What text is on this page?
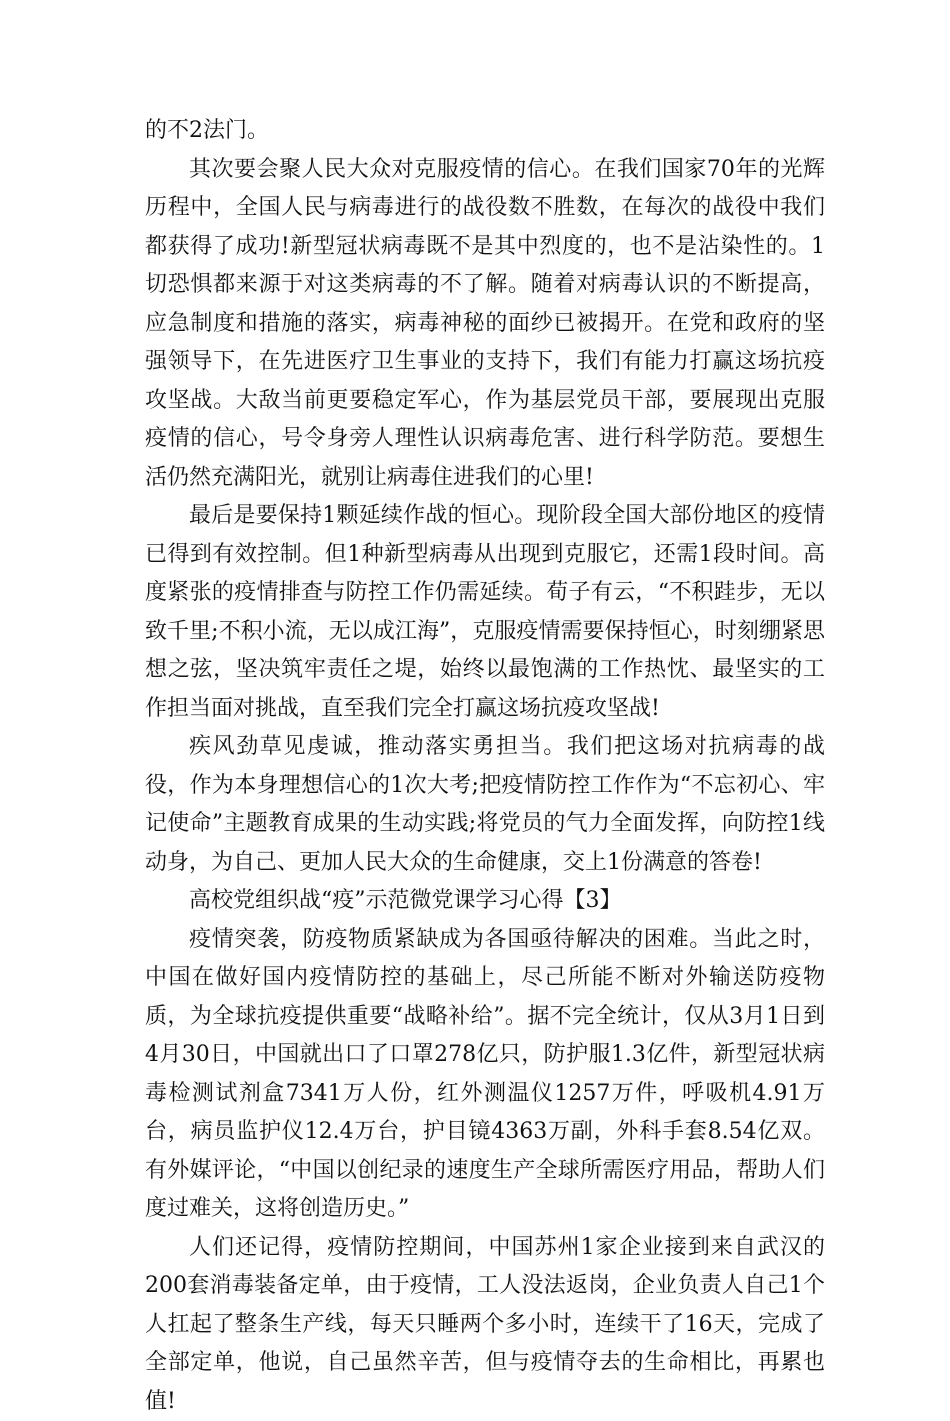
的不2法门。

其次要会聚人民大众对克服疫情的信心。在我们国家70年的光辉历程中，全国人民与病毒进行的战役数不胜数，在每次的战役中我们都获得了成功!新型冠状病毒既不是其中烈度的，也不是沾染性的。1切恐惧都来源于对这类病毒的不了解。随着对病毒认识的不断提高，应急制度和措施的落实，病毒神秘的面纱已被揭开。在党和政府的坚强领导下，在先进医疗卫生事业的支持下，我们有能力打赢这场抗疫攻坚战。大敌当前更要稳定军心，作为基层党员干部，要展现出克服疫情的信心，号令身旁人理性认识病毒危害、进行科学防范。要想生活仍然充满阳光，就别让病毒住进我们的心里!

最后是要保持1颗延续作战的恒心。现阶段全国大部份地区的疫情已得到有效控制。但1种新型病毒从出现到克服它，还需1段时间。高度紧张的疫情排查与防控工作仍需延续。荀子有云，“不积跬步，无以致千里;不积小流，无以成江海”，克服疫情需要保持恒心，时刻绷紧思想之弦，坚决筑牢责任之堤，始终以最饱满的工作热忱、最坚实的工作担当面对挑战，直至我们完全打赢这场抗疫攻坚战!

疾风劲草见虔诚，推动落实勇担当。我们把这场对抗病毒的战役，作为本身理想信心的1次大考;把疫情防控工作作为“不忘初心、牢记使命”主题教育成果的生动实践;将党员的气力全面发挥，向防控1线动身，为自己、更加人民大众的生命健康，交上1份满意的答卷!

高校党组织战“疫”示范微党课学习心得【3】

疫情突袭，防疫物质紧缺成为各国亟待解决的困难。当此之时，中国在做好国内疫情防控的基础上，尽己所能不断对外输送防疫物质，为全球抗疫提供重要“战略补给”。据不完全统计，仅从3月1日到4月30日，中国就出口了口罩278亿只，防护服1.3亿件，新型冠状病毒检测试剂盒7341万人份，红外测温仪1257万件，呼吸机4.91万台，病员监护仪12.4万台，护目镜4363万副，外科手套8.54亿双。有外媒评论，“中国以创纪录的速度生产全球所需医疗用品，帮助人们度过难关，这将创造历史。”

人们还记得，疫情防控期间，中国苏州1家企业接到来自武汉的200套消毒装备定单，由于疫情，工人没法返岗，企业负责人自己1个人扛起了整条生产线，每天只睡两个多小时，连续干了16天，完成了全部定单，他说，自己虽然辛苦，但与疫情夺去的生命相比，再累也值!
